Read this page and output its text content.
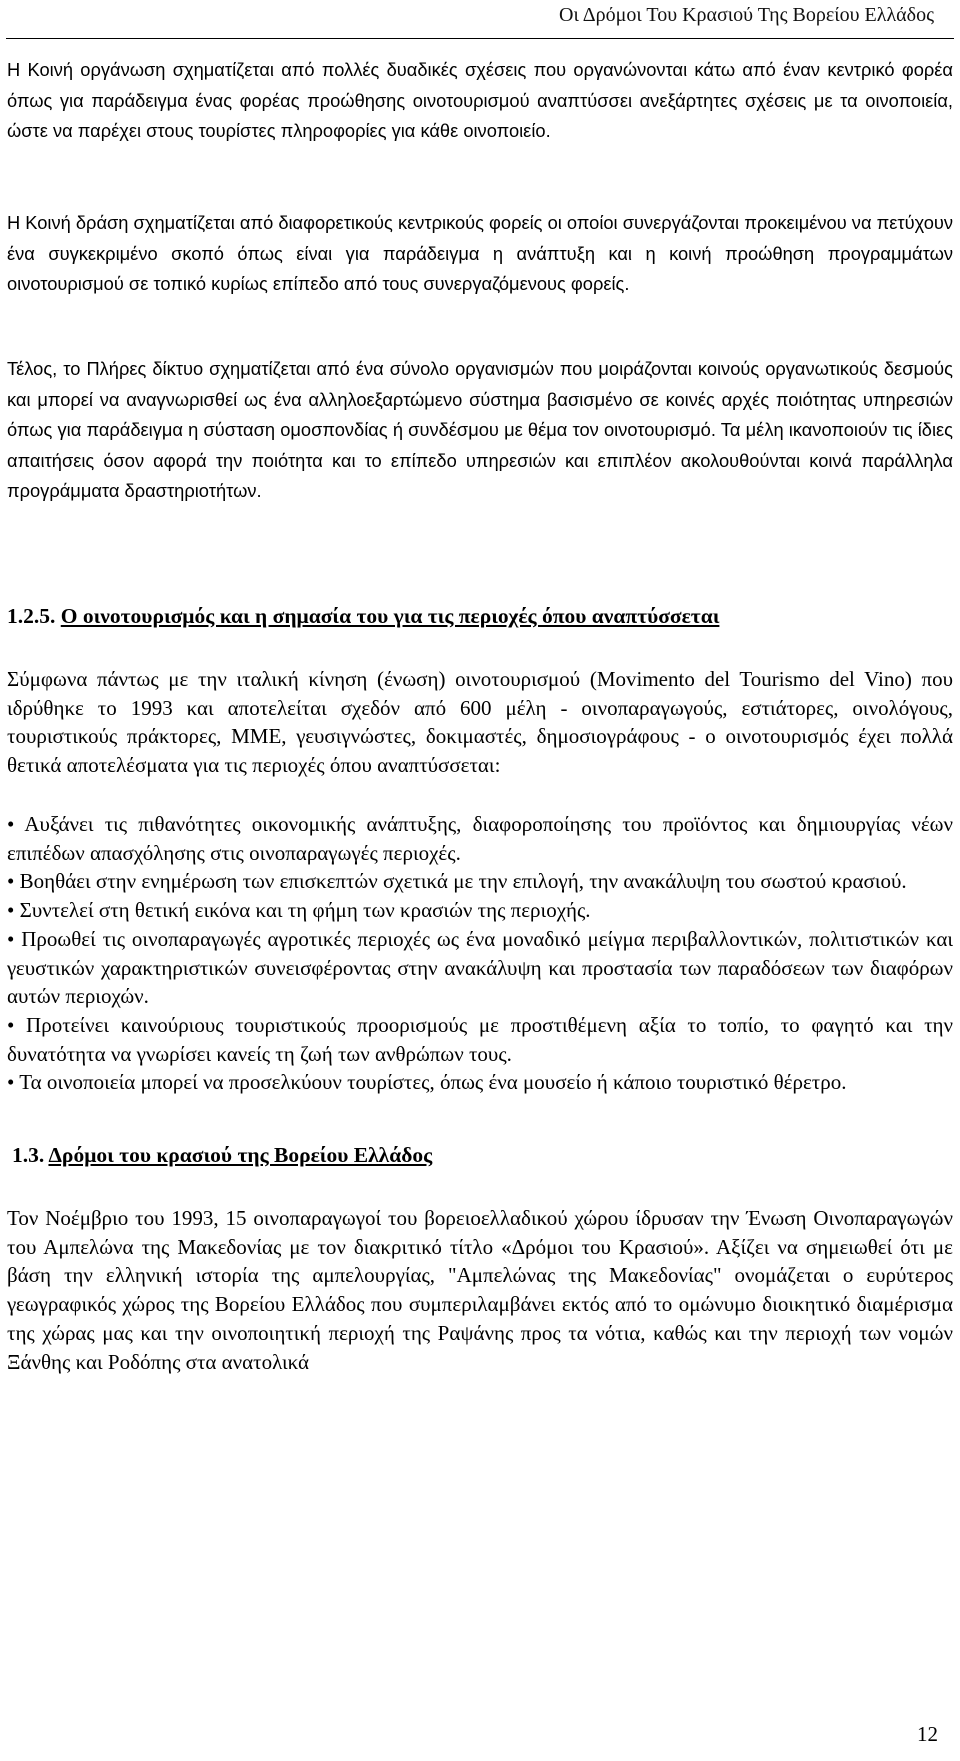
Οι Δρόμοι Του Κρασιού Της Βορείου Ελλάδος

Η Κοινή οργάνωση σχηματίζεται από πολλές δυαδικές σχέσεις που οργανώνονται κάτω από έναν κεντρικό φορέα όπως για παράδειγμα ένας φορέας προώθησης οινοτουρισμού αναπτύσσει ανεξάρτητες σχέσεις με τα οινοποιεία, ώστε να παρέχει στους τουρίστες πληροφορίες για κάθε οινοποιείο.

Η Κοινή δράση σχηματίζεται από διαφορετικούς κεντρικούς φορείς οι οποίοι συνεργάζονται προκειμένου να πετύχουν ένα συγκεκριμένο σκοπό όπως είναι για παράδειγμα η ανάπτυξη και η κοινή προώθηση προγραμμάτων οινοτουρισμού σε τοπικό κυρίως επίπεδο από τους συνεργαζόμενους φορείς.

Τέλος, το Πλήρες δίκτυο σχηματίζεται από ένα σύνολο οργανισμών που μοιράζονται κοινούς οργανωτικούς δεσμούς και μπορεί να αναγνωρισθεί ως ένα αλληλοεξαρτώμενο σύστημα βασισμένο σε κοινές αρχές ποιότητας υπηρεσιών όπως για παράδειγμα η σύσταση ομοσπονδίας ή συνδέσμου με θέμα τον οινοτουρισμό. Τα μέλη ικανοποιούν τις ίδιες απαιτήσεις όσον αφορά την ποιότητα και το επίπεδο υπηρεσιών και επιπλέον ακολουθούνται κοινά παράλληλα προγράμματα δραστηριοτήτων.

1.2.5. Ο οινοτουρισμός και η σημασία του για τις περιοχές όπου αναπτύσσεται

Σύμφωνα πάντως με την ιταλική κίνηση (ένωση) οινοτουρισμού (Movimento del Tourismo del Vino) που ιδρύθηκε το 1993 και αποτελείται σχεδόν από 600 μέλη - οινοπαραγωγούς, εστιάτορες, οινολόγους, τουριστικούς πράκτορες, ΜΜΕ, γευσιγνώστες, δοκιμαστές, δημοσιογράφους - ο οινοτουρισμός έχει πολλά θετικά αποτελέσματα για τις περιοχές όπου αναπτύσσεται:

• Αυξάνει τις πιθανότητες οικονομικής ανάπτυξης, διαφοροποίησης του προϊόντος και δημιουργίας νέων επιπέδων απασχόλησης στις οινοπαραγωγές περιοχές.
• Βοηθάει στην ενημέρωση των επισκεπτών σχετικά με την επιλογή, την ανακάλυψη του σωστού κρασιού.
• Συντελεί στη θετική εικόνα και τη φήμη των κρασιών της περιοχής.
• Προωθεί τις οινοπαραγωγές αγροτικές περιοχές ως ένα μοναδικό μείγμα περιβαλλοντικών, πολιτιστικών και γευστικών χαρακτηριστικών συνεισφέροντας στην ανακάλυψη και προστασία των παραδόσεων των διαφόρων αυτών περιοχών.
• Προτείνει καινούριους τουριστικούς προορισμούς με προστιθέμενη αξία το τοπίο, το φαγητό και την δυνατότητα να γνωρίσει κανείς τη ζωή των ανθρώπων τους.
• Τα οινοποιεία μπορεί να προσελκύουν τουρίστες, όπως ένα μουσείο ή κάποιο τουριστικό θέρετρο.
1.3. Δρόμοι του κρασιού της Βορείου Ελλάδος

Τον Νοέμβριο του 1993, 15 οινοπαραγωγοί του βορειοελλαδικού χώρου ίδρυσαν την Ένωση Οινοπαραγωγών του Αμπελώνα της Μακεδονίας με τον διακριτικό τίτλο «Δρόμοι του Κρασιού». Αξίζει να σημειωθεί ότι με βάση την ελληνική ιστορία της αμπελουργίας, "Αμπελώνας της Μακεδονίας" ονομάζεται ο ευρύτερος γεωγραφικός χώρος της Βορείου Ελλάδος που συμπεριλαμβάνει εκτός από το ομώνυμο διοικητικό διαμέρισμα της χώρας μας και την οινοποιητική περιοχή της Ραψάνης προς τα νότια, καθώς και την περιοχή των νομών Ξάνθης και Ροδόπης στα ανατολικά

12
